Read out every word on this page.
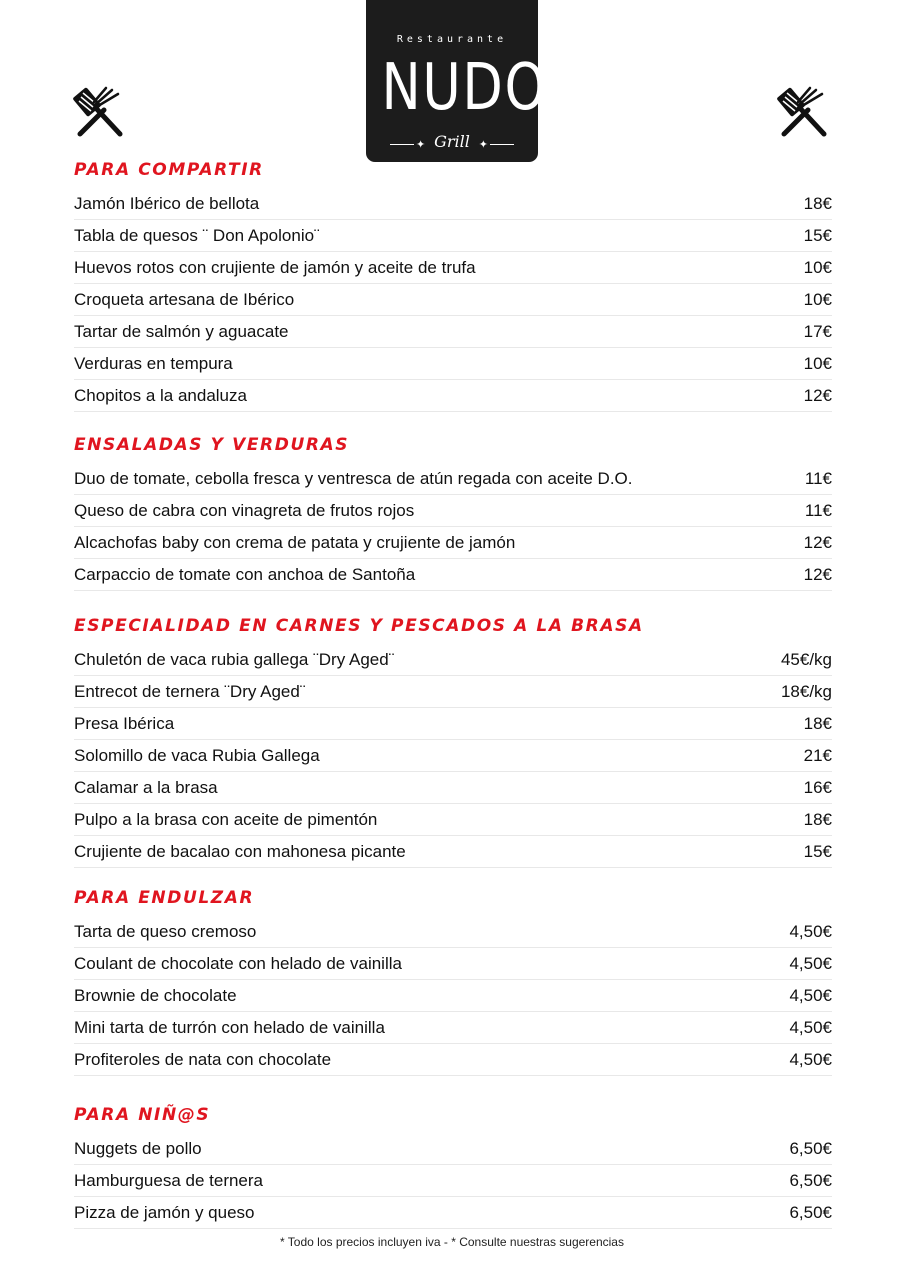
Restaurante
NUDOS
✦ Grill ✦
PARA COMPARTIR
Jamón Ibérico de bellota	18€
Tabla de quesos ¨ Don Apolonio¨	15€
Huevos rotos con crujiente de jamón y aceite de trufa	10€
Croqueta artesana de Ibérico	10€
Tartar de salmón y aguacate	17€
Verduras en tempura	10€
Chopitos a la andaluza	12€
ENSALADAS Y VERDURAS
Duo de tomate, cebolla fresca y ventresca de atún regada con aceite D.O.	11€
Queso de cabra con vinagreta de frutos rojos	11€
Alcachofas baby con crema de patata y crujiente de jamón	12€
Carpaccio de tomate con anchoa de Santoña	12€
ESPECIALIDAD EN CARNES Y PESCADOS A LA BRASA
Chuletón de vaca rubia gallega ¨Dry Aged¨	45€/kg
Entrecot de ternera ¨Dry Aged¨	18€/kg
Presa Ibérica	18€
Solomillo de vaca Rubia Gallega	21€
Calamar a la brasa	16€
Pulpo a la brasa con aceite de pimentón	18€
Crujiente de bacalao con mahonesa picante	15€
PARA ENDULZAR
Tarta de queso cremoso	4,50€
Coulant de chocolate con helado de vainilla	4,50€
Brownie de chocolate	4,50€
Mini tarta de turrón con helado de vainilla	4,50€
Profiteroles de nata con chocolate	4,50€
PARA NIÑ@S
Nuggets de pollo	6,50€
Hamburguesa de ternera	6,50€
Pizza de jamón y queso	6,50€
* Todo los precios incluyen iva - * Consulte nuestras sugerencias
